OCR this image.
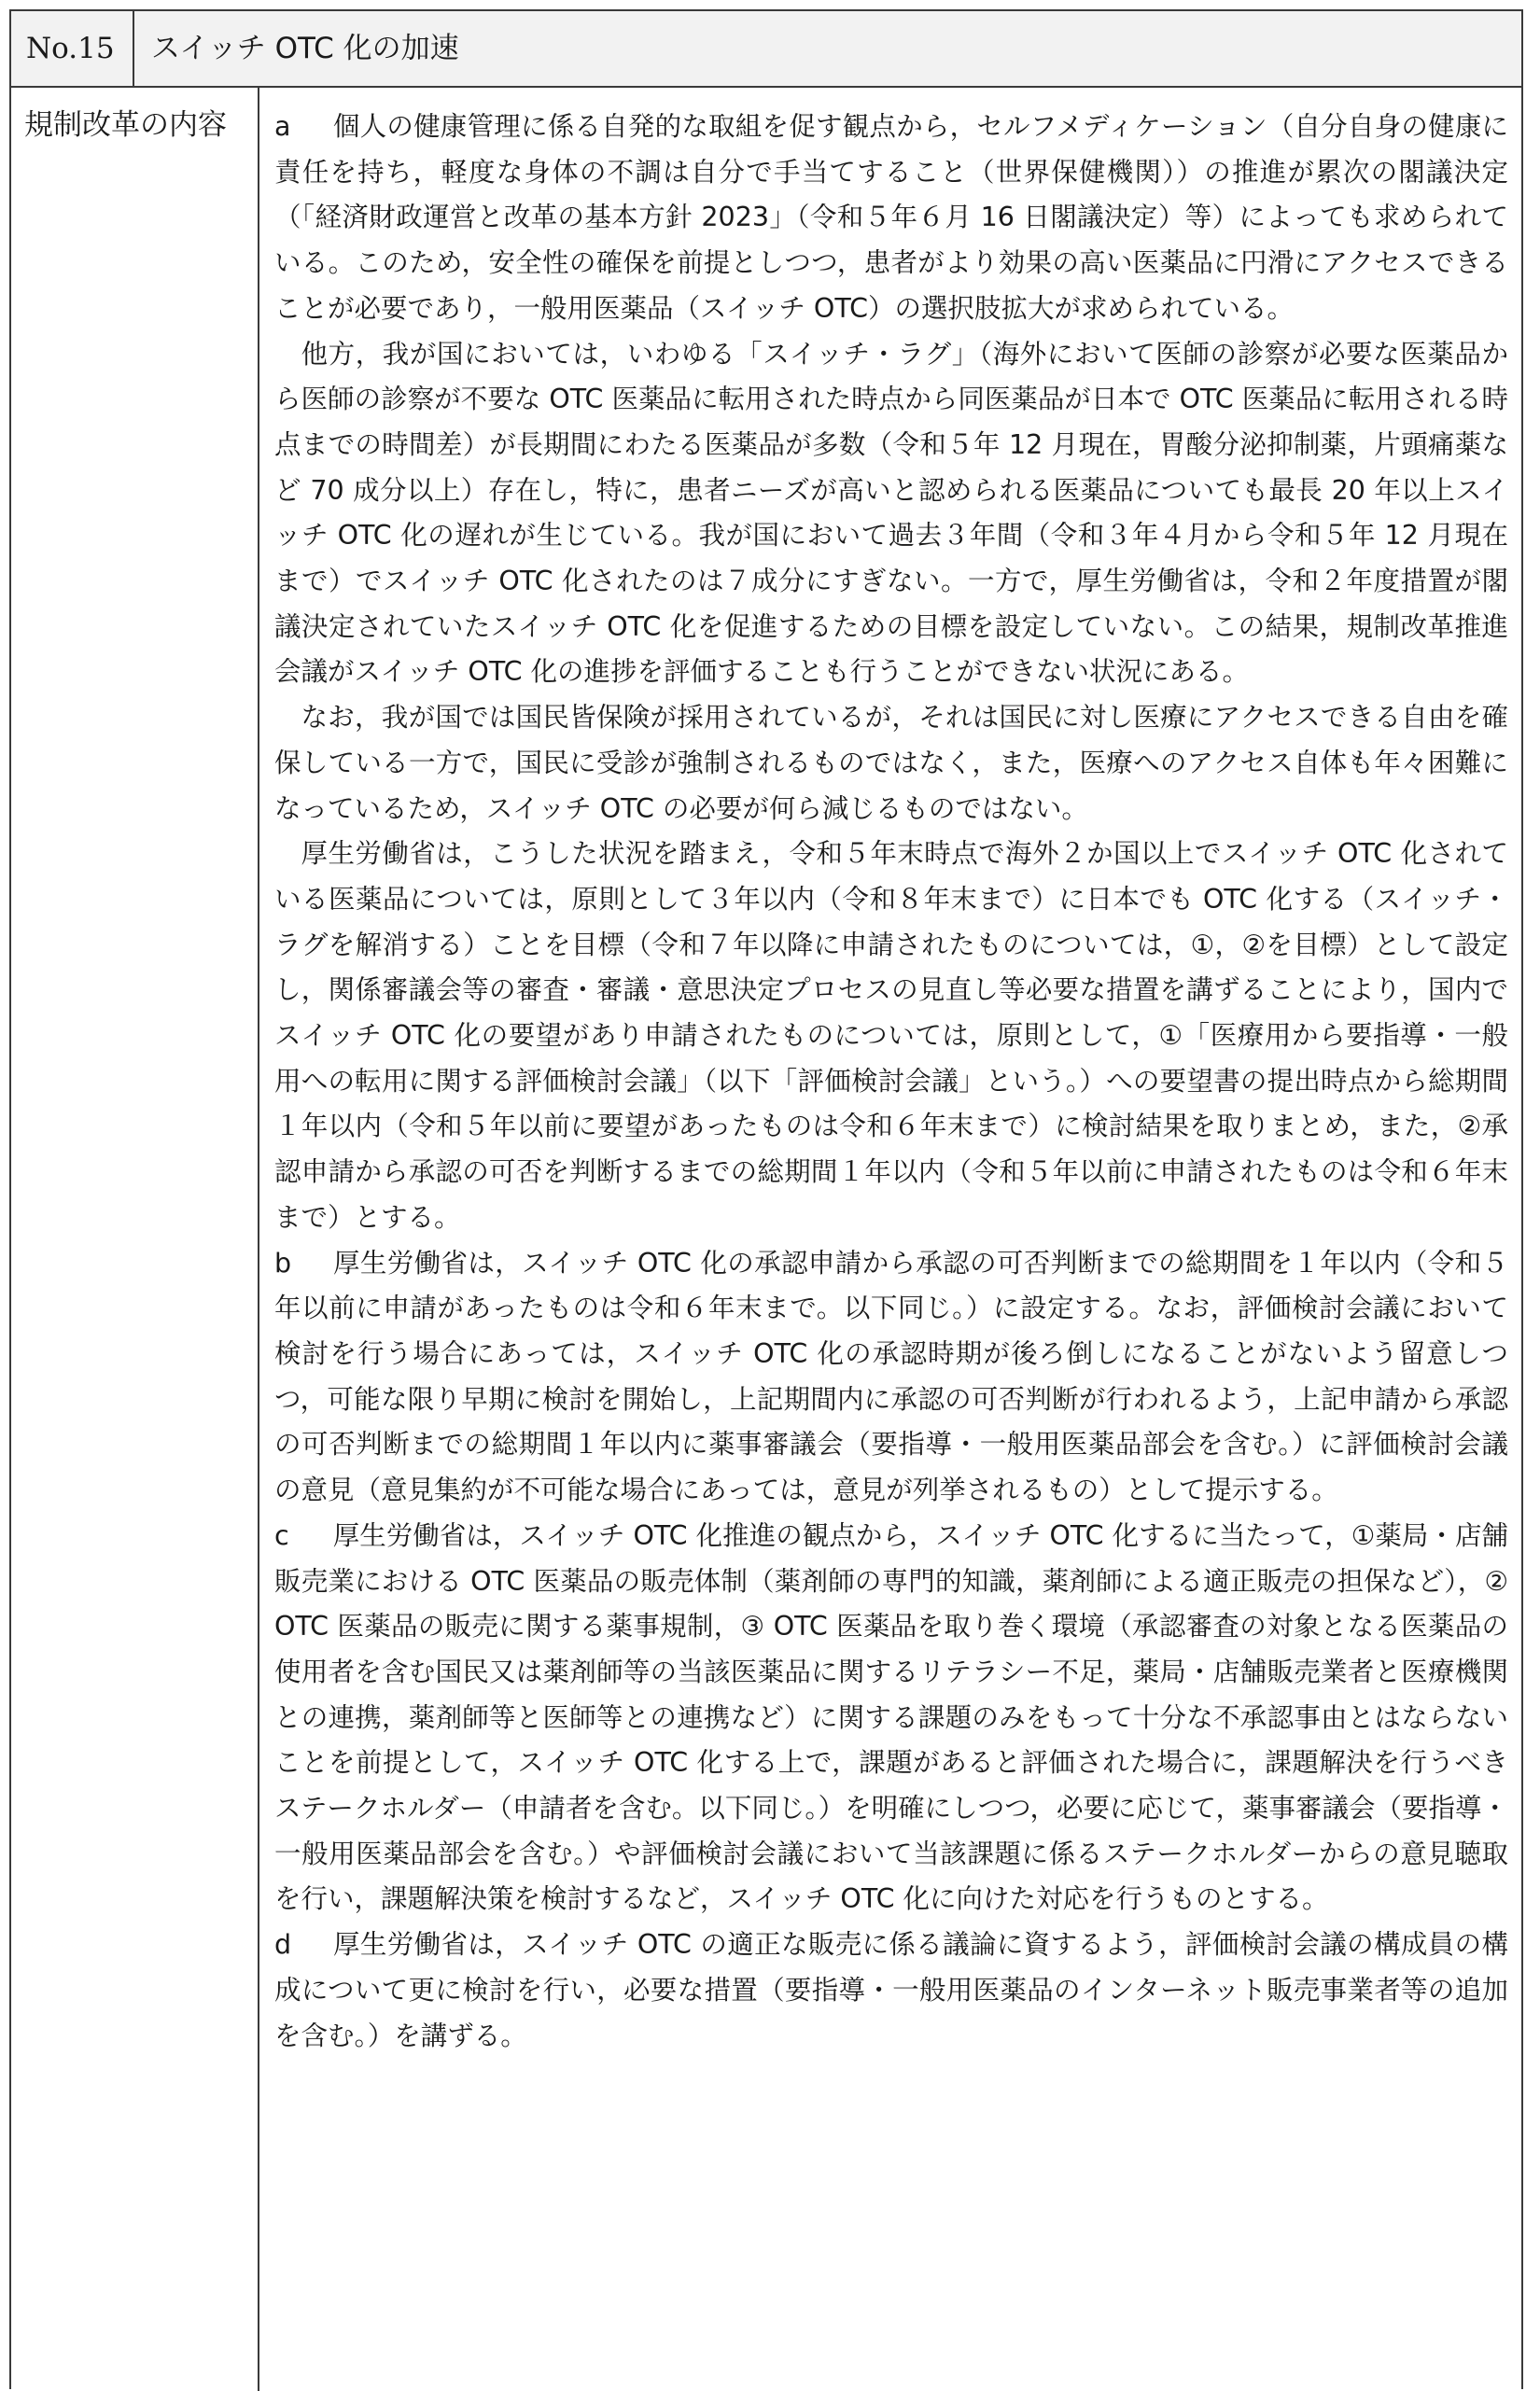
No.15	スイッチ OTC 化の加速
規制改革の内容	a 個人の健康管理に係る自発的な取組を促す観点から，セルフメディケーション（自分自身の健康に責任を持ち，軽度な身体の不調は自分で手当てすること（世界保健機関））の推進が累次の閣議決定（「経済財政運営と改革の基本方針 2023」（令和５年６月 16 日閣議決定）等）によっても求められている。このため，安全性の確保を前提としつつ，患者がより効果の高い医薬品に円滑にアクセスできることが必要であり，一般用医薬品（スイッチ OTC）の選択肢拡大が求められている。

他方，我が国においては，いわゆる「スイッチ・ラグ」（海外において医師の診察が必要な医薬品から医師の診察が不要な OTC 医薬品に転用された時点から同医薬品が日本で OTC 医薬品に転用される時点までの時間差）が長期間にわたる医薬品が多数（令和５年 12 月現在，胃酸分泌抑制薬，片頭痛薬など 70 成分以上）存在し，特に，患者ニーズが高いと認められる医薬品についても最長 20 年以上スイッチ OTC 化の遅れが生じている。我が国において過去３年間（令和３年４月から令和５年 12 月現在まで）でスイッチ OTC 化されたのは７成分にすぎない。一方で，厚生労働省は，令和２年度措置が閣議決定されていたスイッチ OTC 化を促進するための目標を設定していない。この結果，規制改革推進会議がスイッチ OTC 化の進捗を評価することも行うことができない状況にある。

なお，我が国では国民皆保険が採用されているが，それは国民に対し医療にアクセスできる自由を確保している一方で，国民に受診が強制されるものではなく，また，医療へのアクセス自体も年々困難になっているため，スイッチ OTC の必要が何ら減じるものではない。

厚生労働省は，こうした状況を踏まえ，令和５年末時点で海外２か国以上でスイッチ OTC 化されている医薬品については，原則として３年以内（令和８年末まで）に日本でも OTC 化する（スイッチ・ラグを解消する）ことを目標（令和７年以降に申請されたものについては，①，②を目標）として設定し，関係審議会等の審査・審議・意思決定プロセスの見直し等必要な措置を講ずることにより，国内でスイッチ OTC 化の要望があり申請されたものについては，原則として，①「医療用から要指導・一般用への転用に関する評価検討会議」（以下「評価検討会議」という。）への要望書の提出時点から総期間１年以内（令和５年以前に要望があったものは令和６年末まで）に検討結果を取りまとめ，また，②承認申請から承認の可否を判断するまでの総期間１年以内（令和５年以前に申請されたものは令和６年末まで）とする。

b 厚生労働省は，スイッチ OTC 化の承認申請から承認の可否判断までの総期間を１年以内（令和５年以前に申請があったものは令和６年末まで。以下同じ。）に設定する。なお，評価検討会議において検討を行う場合にあっては，スイッチ OTC 化の承認時期が後ろ倒しになることがないよう留意しつつ，可能な限り早期に検討を開始し，上記期間内に承認の可否判断が行われるよう，上記申請から承認の可否判断までの総期間１年以内に薬事審議会（要指導・一般用医薬品部会を含む。）に評価検討会議の意見（意見集約が不可能な場合にあっては，意見が列挙されるもの）として提示する。

c 厚生労働省は，スイッチ OTC 化推進の観点から，スイッチ OTC 化するに当たって，①薬局・店舗販売業における OTC 医薬品の販売体制（薬剤師の専門的知識，薬剤師による適正販売の担保など），② OTC 医薬品の販売に関する薬事規制，③ OTC 医薬品を取り巻く環境（承認審査の対象となる医薬品の使用者を含む国民又は薬剤師等の当該医薬品に関するリテラシー不足，薬局・店舗販売業者と医療機関との連携，薬剤師等と医師等との連携など）に関する課題のみをもって十分な不承認事由とはならないことを前提として，スイッチ OTC 化する上で，課題があると評価された場合に，課題解決を行うべきステークホルダー（申請者を含む。以下同じ。）を明確にしつつ，必要に応じて，薬事審議会（要指導・一般用医薬品部会を含む。）や評価検討会議において当該課題に係るステークホルダーからの意見聴取を行い，課題解決策を検討するなど，スイッチ OTC 化に向けた対応を行うものとする。

d 厚生労働省は，スイッチ OTC の適正な販売に係る議論に資するよう，評価検討会議の構成員の構成について更に検討を行い，必要な措置（要指導・一般用医薬品のインターネット販売事業者等の追加を含む。）を講ずる。
